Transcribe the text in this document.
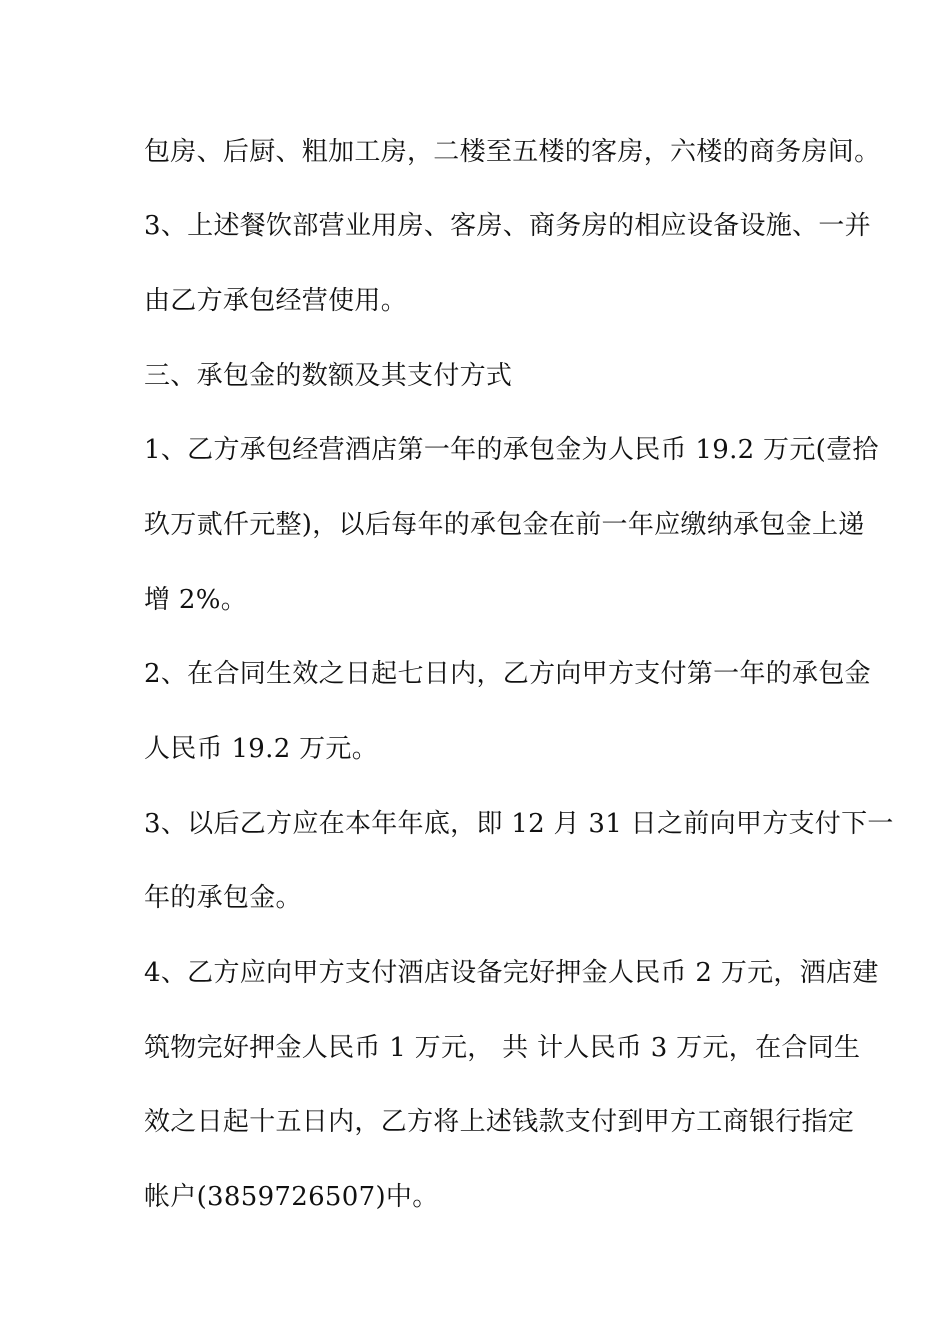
包房、后厨、粗加工房，二楼至五楼的客房，六楼的商务房间。
3、上述餐饮部营业用房、客房、商务房的相应设备设施、一并
由乙方承包经营使用。
三、承包金的数额及其支付方式
1、乙方承包经营酒店第一年的承包金为人民币 19.2 万元(壹拾
玖万贰仟元整)，以后每年的承包金在前一年应缴纳承包金上递
增 2%。
2、在合同生效之日起七日内，乙方向甲方支付第一年的承包金
人民币 19.2 万元。
3、以后乙方应在本年年底，即 12 月 31 日之前向甲方支付下一
年的承包金。
4、乙方应向甲方支付酒店设备完好押金人民币 2 万元，酒店建
筑物完好押金人民币 1 万元， 共 计人民币 3 万元，在合同生
效之日起十五日内，乙方将上述钱款支付到甲方工商银行指定
帐户(3859726507)中。
